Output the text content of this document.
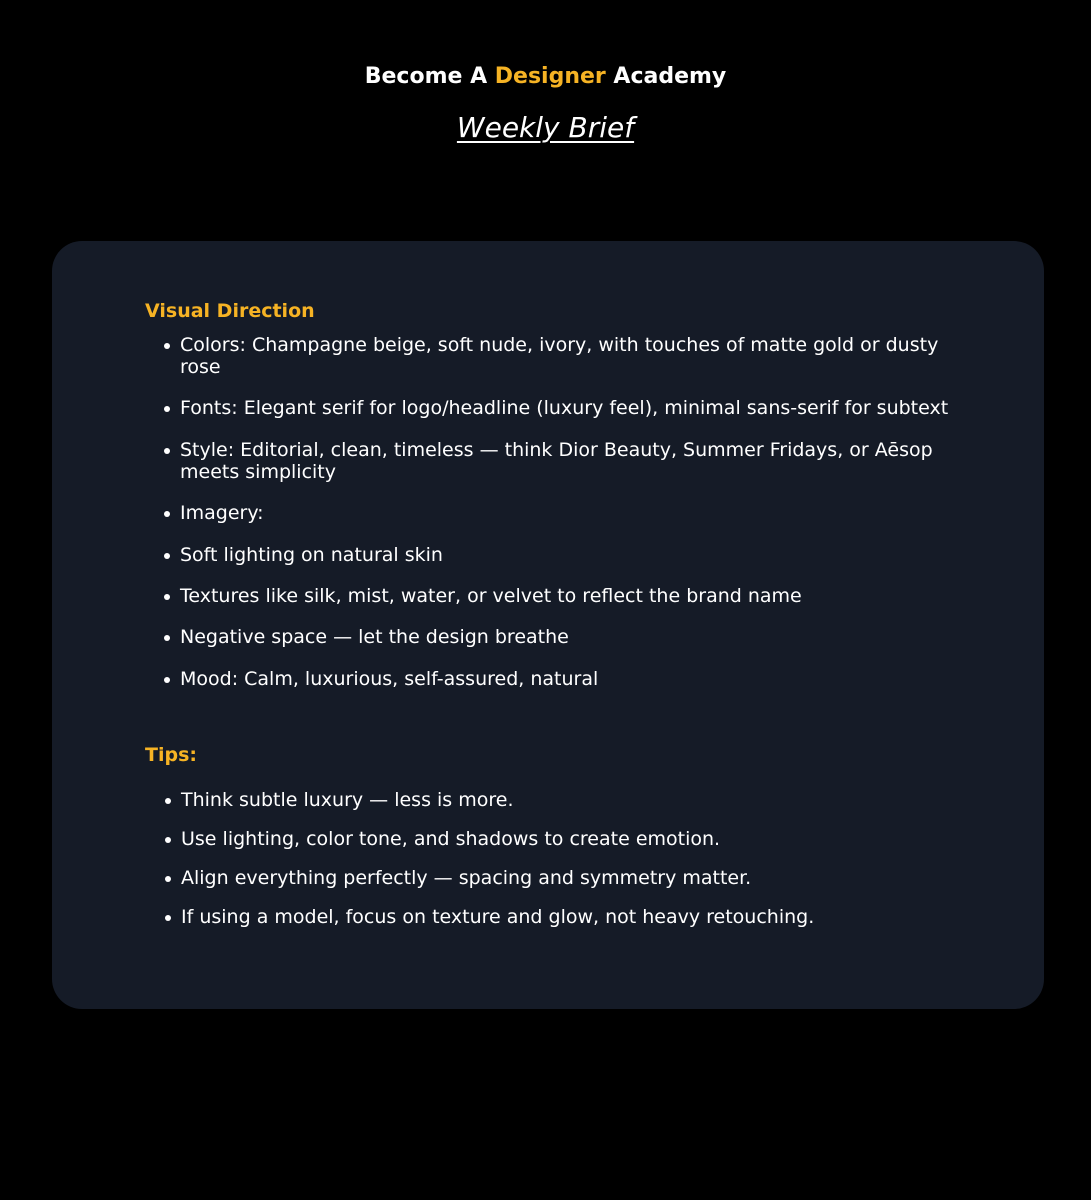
Become A Designer Academy
Weekly Brief
Visual Direction
Colors: Champagne beige, soft nude, ivory, with touches of matte gold or dusty rose
Fonts: Elegant serif for logo/headline (luxury feel), minimal sans-serif for subtext
Style: Editorial, clean, timeless — think Dior Beauty, Summer Fridays, or Aēsop meets simplicity
Imagery:
Soft lighting on natural skin
Textures like silk, mist, water, or velvet to reflect the brand name
Negative space — let the design breathe
Mood: Calm, luxurious, self-assured, natural
Tips:
Think subtle luxury — less is more.
Use lighting, color tone, and shadows to create emotion.
Align everything perfectly — spacing and symmetry matter.
If using a model, focus on texture and glow, not heavy retouching.
